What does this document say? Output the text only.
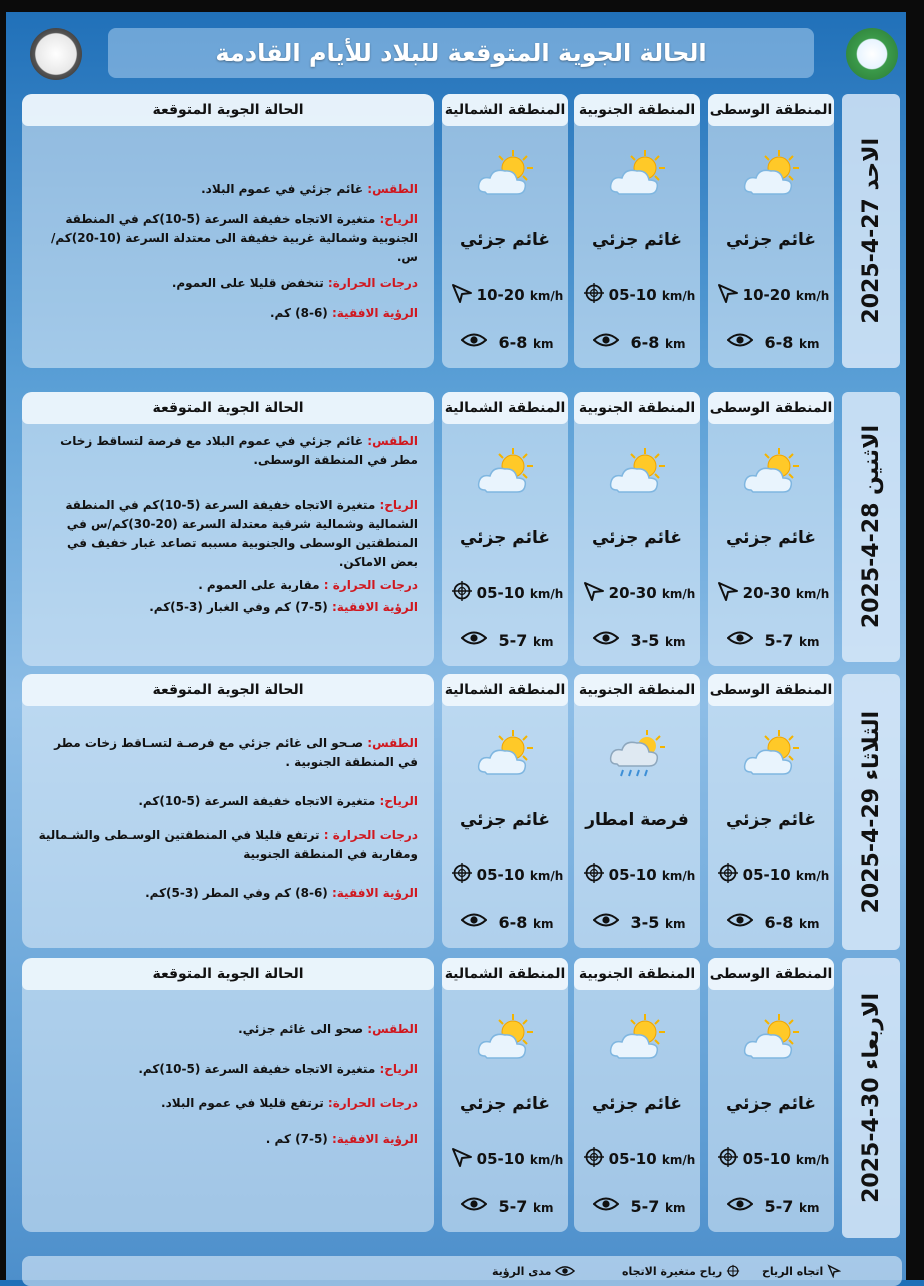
الحالة الجوية المتوقعة للبلاد للأيام القادمة
الاحد 27-4-2025
المنطقة الوسطى
غائم جزئي
10-20 km/h
6-8 km
المنطقة الجنوبية
غائم جزئي
05-10 km/h
6-8 km
المنطقة الشمالية
غائم جزئي
10-20 km/h
6-8 km
الحالة الجوية المتوقعة
الطقس: غائم جزئي في عموم البلاد.
الرياح: متغيرة الاتجاه خفيفة السرعة (5-10)كم في المنطقة الجنوبية وشمالية غربية خفيفة الى معتدلة السرعة (10-20)كم/س.
درجات الحرارة: تنخفض قليلا على العموم.
الرؤية الافقية: (6-8) كم.
الاثنين 28-4-2025
المنطقة الوسطى
غائم جزئي
20-30 km/h
5-7 km
المنطقة الجنوبية
غائم جزئي
20-30 km/h
3-5 km
المنطقة الشمالية
غائم جزئي
05-10 km/h
5-7 km
الحالة الجوية المتوقعة
الطقس: غائم جزئي في عموم البلاد مع فرصة لتساقط زخات مطر في المنطقة الوسطى.
الرياح: متغيرة الاتجاه خفيفة السرعة (5-10)كم في المنطقة الشمالية وشمالية شرقية معتدلة السرعة (20-30)كم/س في المنطقتين الوسطى والجنوبية مسببه تصاعد غبار خفيف في بعض الاماكن.
درجات الحرارة : مقاربة على العموم .
الرؤية الافقية: (5-7) كم وفي الغبار (3-5)كم.
الثلاثاء 29-4-2025
المنطقة الوسطى
غائم جزئي
05-10 km/h
6-8 km
المنطقة الجنوبية
فرصة امطار
05-10 km/h
3-5 km
المنطقة الشمالية
غائم جزئي
05-10 km/h
6-8 km
الحالة الجوية المتوقعة
الطقس: صـحو الى غائم جزئي مع فرصـة لتسـاقط زخات مطر في المنطقة الجنوبية .
الرياح: متغيرة الاتجاه خفيفة السرعة (5-10)كم.
درجات الحرارة : ترتفع قليلا في المنطقتين الوسـطى والشـمالية ومقاربة في المنطقة الجنوبية
الرؤية الافقية: (6-8) كم وفي المطر (3-5)كم.
الاربعاء 30-4-2025
المنطقة الوسطى
غائم جزئي
05-10 km/h
5-7 km
المنطقة الجنوبية
غائم جزئي
05-10 km/h
5-7 km
المنطقة الشمالية
غائم جزئي
05-10 km/h
5-7 km
الحالة الجوية المتوقعة
الطقس: صحو الى غائم جزئي.
الرياح: متغيرة الاتجاه خفيفة السرعة (5-10)كم.
درجات الحرارة: ترتفع قليلا في عموم البلاد.
الرؤية الافقية: (5-7) كم .
اتجاه الرياح
رياح متغيرة الاتجاه
مدى الرؤية
